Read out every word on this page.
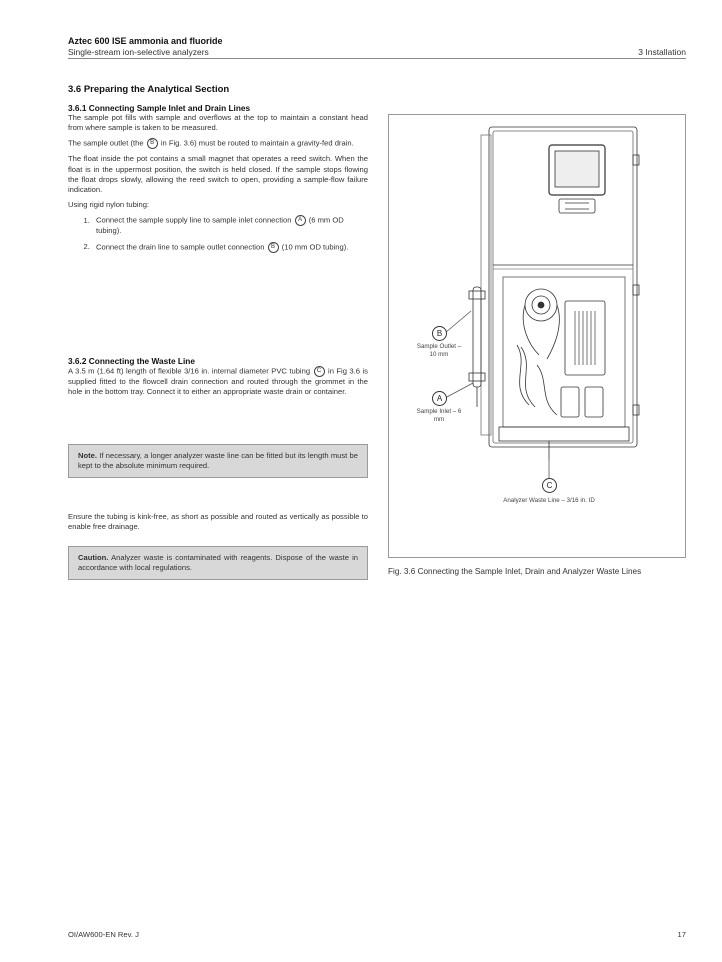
Aztec 600 ISE ammonia and fluoride
Single-stream ion-selective analyzers	3 Installation
3.6 Preparing the Analytical Section
3.6.1 Connecting Sample Inlet and Drain Lines

The sample pot fills with sample and overflows at the top to maintain a constant head from where sample is taken to be measured.

The sample outlet (the B in Fig. 3.6) must be routed to maintain a gravity-fed drain.

The float inside the pot contains a small magnet that operates a reed switch. When the float is in the uppermost position, the switch is held closed. If the sample stops flowing the float drops slowly, allowing the reed switch to open, providing a sample-flow failure indication.

Using rigid nylon tubing:

1. Connect the sample supply line to sample inlet connection A (6 mm OD tubing).
2. Connect the drain line to sample outlet connection B (10 mm OD tubing).
3.6.2 Connecting the Waste Line

A 3.5 m (1.64 ft) length of flexible 3/16 in. internal diameter PVC tubing C in Fig 3.6 is supplied fitted to the flowcell drain connection and routed through the grommet in the hole in the bottom tray. Connect it to either an appropriate waste drain or container.

Note. If necessary, a longer analyzer waste line can be fitted but its length must be kept to the absolute minimum required.

Ensure the tubing is kink-free, as short as possible and routed as vertically as possible to enable free drainage.

Caution. Analyzer waste is contaminated with reagents. Dispose of the waste in accordance with local regulations.
B
Sample Outlet – 10 mm
A
Sample Inlet – 6 mm
C
Analyzer Waste Line – 3/16 in. ID
Fig. 3.6 Connecting the Sample Inlet, Drain and Analyzer Waste Lines
OI/AW600-EN Rev. J	17
